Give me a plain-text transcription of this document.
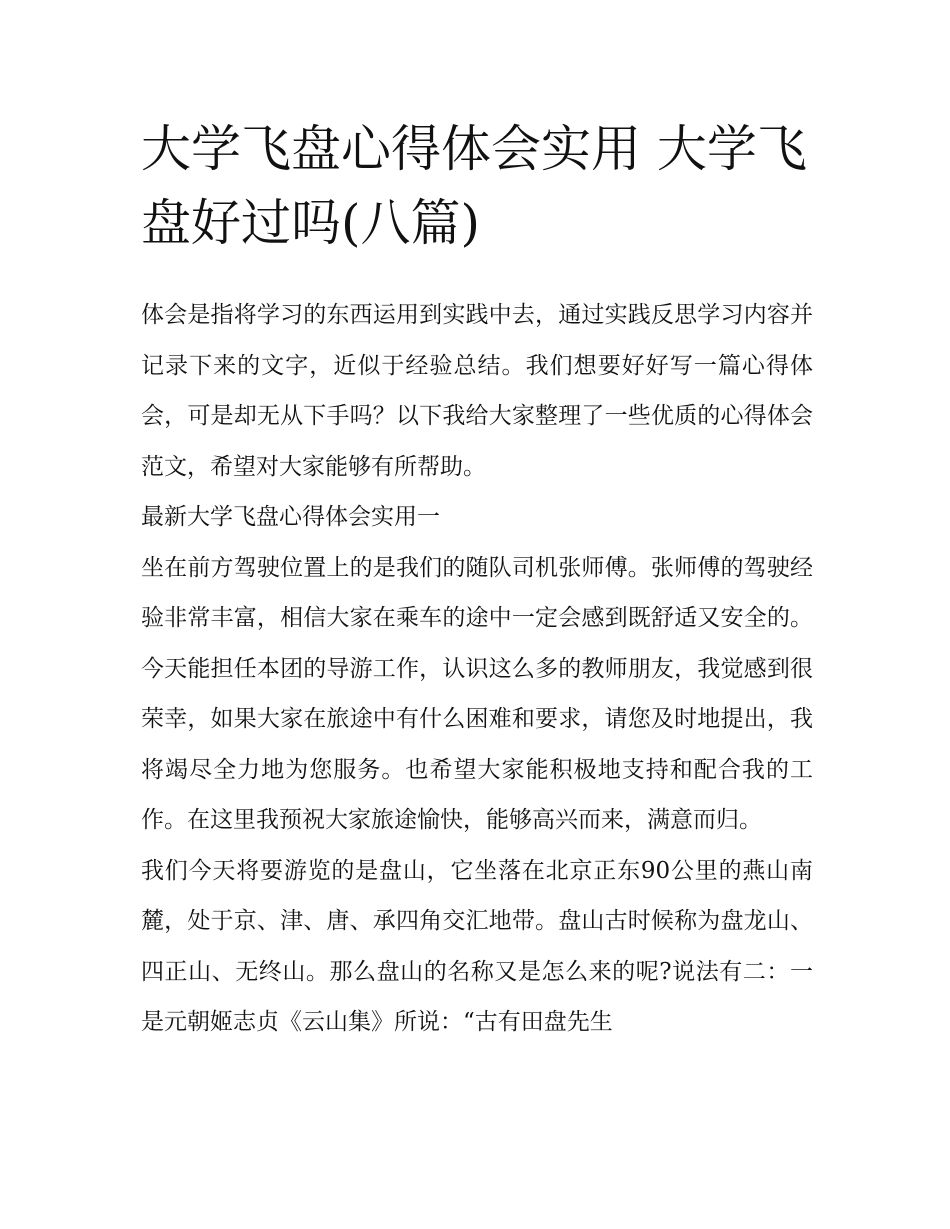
大学飞盘心得体会实用 大学飞盘好过吗(八篇)

体会是指将学习的东西运用到实践中去，通过实践反思学习内容并记录下来的文字，近似于经验总结。我们想要好好写一篇心得体会，可是却无从下手吗？以下我给大家整理了一些优质的心得体会范文，希望对大家能够有所帮助。

最新大学飞盘心得体会实用一

坐在前方驾驶位置上的是我们的随队司机张师傅。张师傅的驾驶经验非常丰富，相信大家在乘车的途中一定会感到既舒适又安全的。今天能担任本团的导游工作，认识这么多的教师朋友，我觉感到很荣幸，如果大家在旅途中有什么困难和要求，请您及时地提出，我将竭尽全力地为您服务。也希望大家能积极地支持和配合我的工作。在这里我预祝大家旅途愉快，能够高兴而来，满意而归。

我们今天将要游览的是盘山，它坐落在北京正东90公里的燕山南麓，处于京、津、唐、承四角交汇地带。盘山古时候称为盘龙山、四正山、无终山。那么盘山的名称又是怎么来的呢?说法有二：一是元朝姬志贞《云山集》所说：“古有田盘先生
